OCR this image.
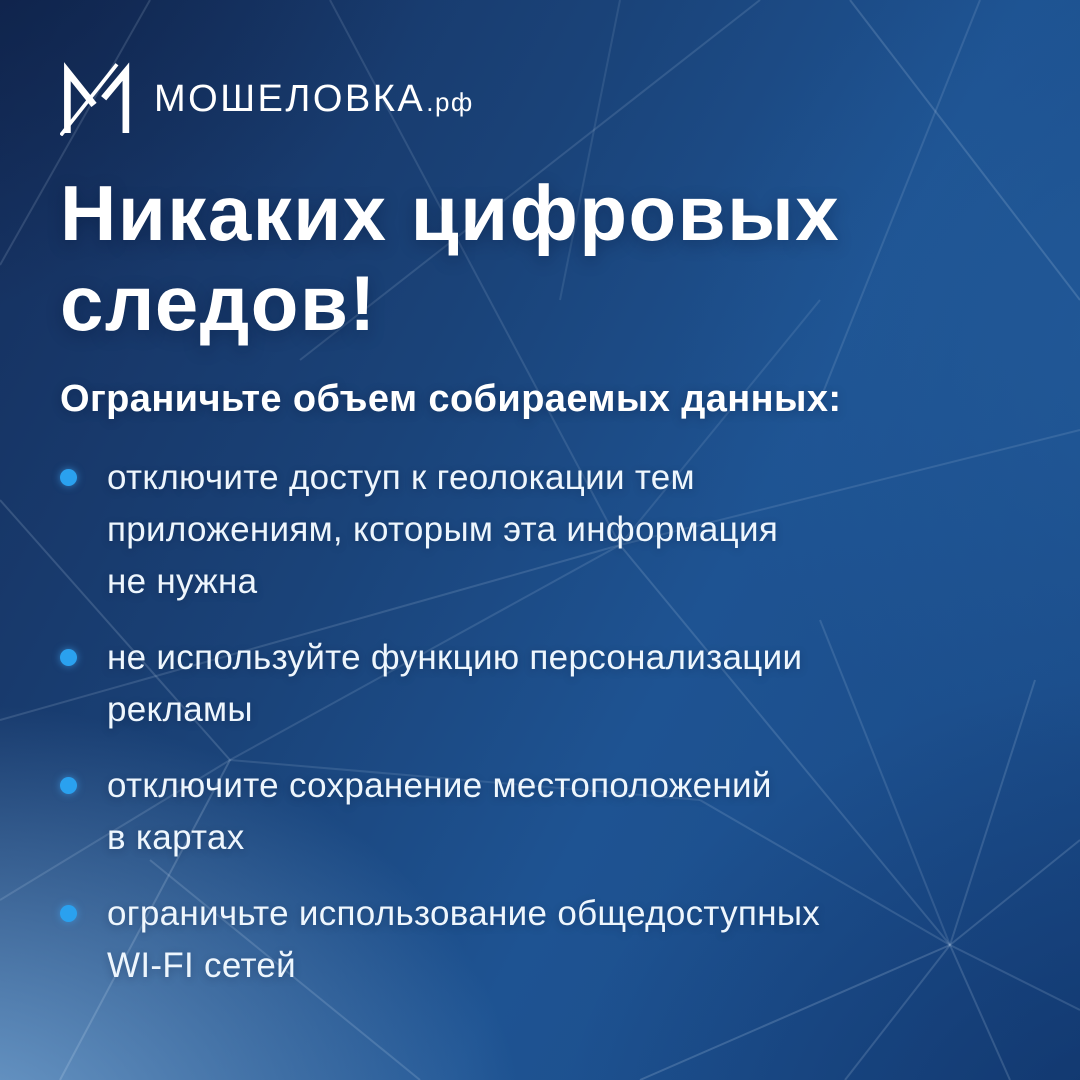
МОШЕЛОВКА .рф
Никаких цифровых
следов!
Ограничьте объем собираемых данных:
отключите доступ к геолокации тем
приложениям, которым эта информация
не нужна
не используйте функцию персонализации
рекламы
отключите сохранение местоположений
в картах
ограничьте использование общедоступных
WI-FI сетей
